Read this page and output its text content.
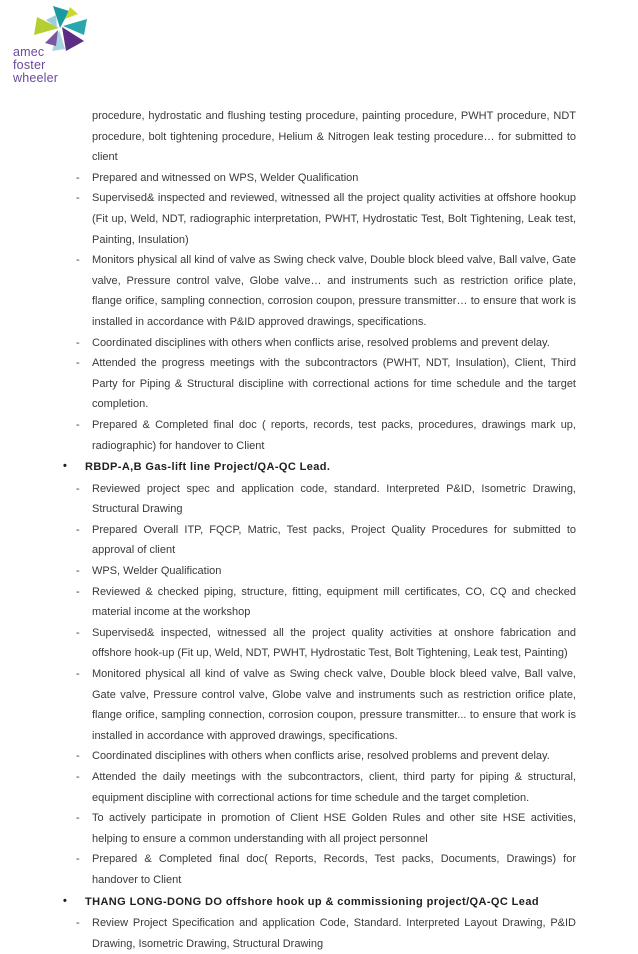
amec
foster
wheeler

procedure, hydrostatic and flushing testing procedure, painting procedure, PWHT procedure, NDT procedure, bolt tightening procedure, Helium & Nitrogen leak testing procedure… for submitted to client

- Prepared and witnessed on WPS, Welder Qualification
- Supervised& inspected and reviewed, witnessed all the project quality activities at offshore hookup (Fit up, Weld, NDT, radiographic interpretation, PWHT, Hydrostatic Test, Bolt Tightening, Leak test, Painting, Insulation)
- Monitors physical all kind of valve as Swing check valve, Double block bleed valve, Ball valve, Gate valve, Pressure control valve, Globe valve… and instruments such as restriction orifice plate, flange orifice, sampling connection, corrosion coupon, pressure transmitter… to ensure that work is installed in accordance with P&ID approved drawings, specifications.
- Coordinated disciplines with others when conflicts arise, resolved problems and prevent delay.
- Attended the progress meetings with the subcontractors (PWHT, NDT, Insulation), Client, Third Party for Piping & Structural discipline with correctional actions for time schedule and the target completion.
- Prepared & Completed final doc ( reports, records, test packs, procedures, drawings mark up, radiographic) for handover to Client
• RBDP-A,B Gas-lift line Project/QA-QC Lead.
- Reviewed project spec and application code, standard. Interpreted P&ID, Isometric Drawing, Structural Drawing
- Prepared Overall ITP, FQCP, Matric, Test packs, Project Quality Procedures for submitted to approval of client
- WPS, Welder Qualification
- Reviewed & checked piping, structure, fitting, equipment mill certificates, CO, CQ and checked material income at the workshop
- Supervised& inspected, witnessed all the project quality activities at onshore fabrication and offshore hook-up (Fit up, Weld, NDT, PWHT, Hydrostatic Test, Bolt Tightening, Leak test, Painting)
- Monitored physical all kind of valve as Swing check valve, Double block bleed valve, Ball valve, Gate valve, Pressure control valve, Globe valve and instruments such as restriction orifice plate, flange orifice, sampling connection, corrosion coupon, pressure transmitter... to ensure that work is installed in accordance with approved drawings, specifications.
- Coordinated disciplines with others when conflicts arise, resolved problems and prevent delay.
- Attended the daily meetings with the subcontractors, client, third party for piping & structural, equipment discipline with correctional actions for time schedule and the target completion.
- To actively participate in promotion of Client HSE Golden Rules and other site HSE activities, helping to ensure a common understanding with all project personnel
- Prepared & Completed final doc( Reports, Records, Test packs, Documents, Drawings) for handover to Client
• THANG LONG-DONG DO offshore hook up & commissioning project/QA-QC Lead
- Review Project Specification and application Code, Standard. Interpreted Layout Drawing, P&ID Drawing, Isometric Drawing, Structural Drawing
